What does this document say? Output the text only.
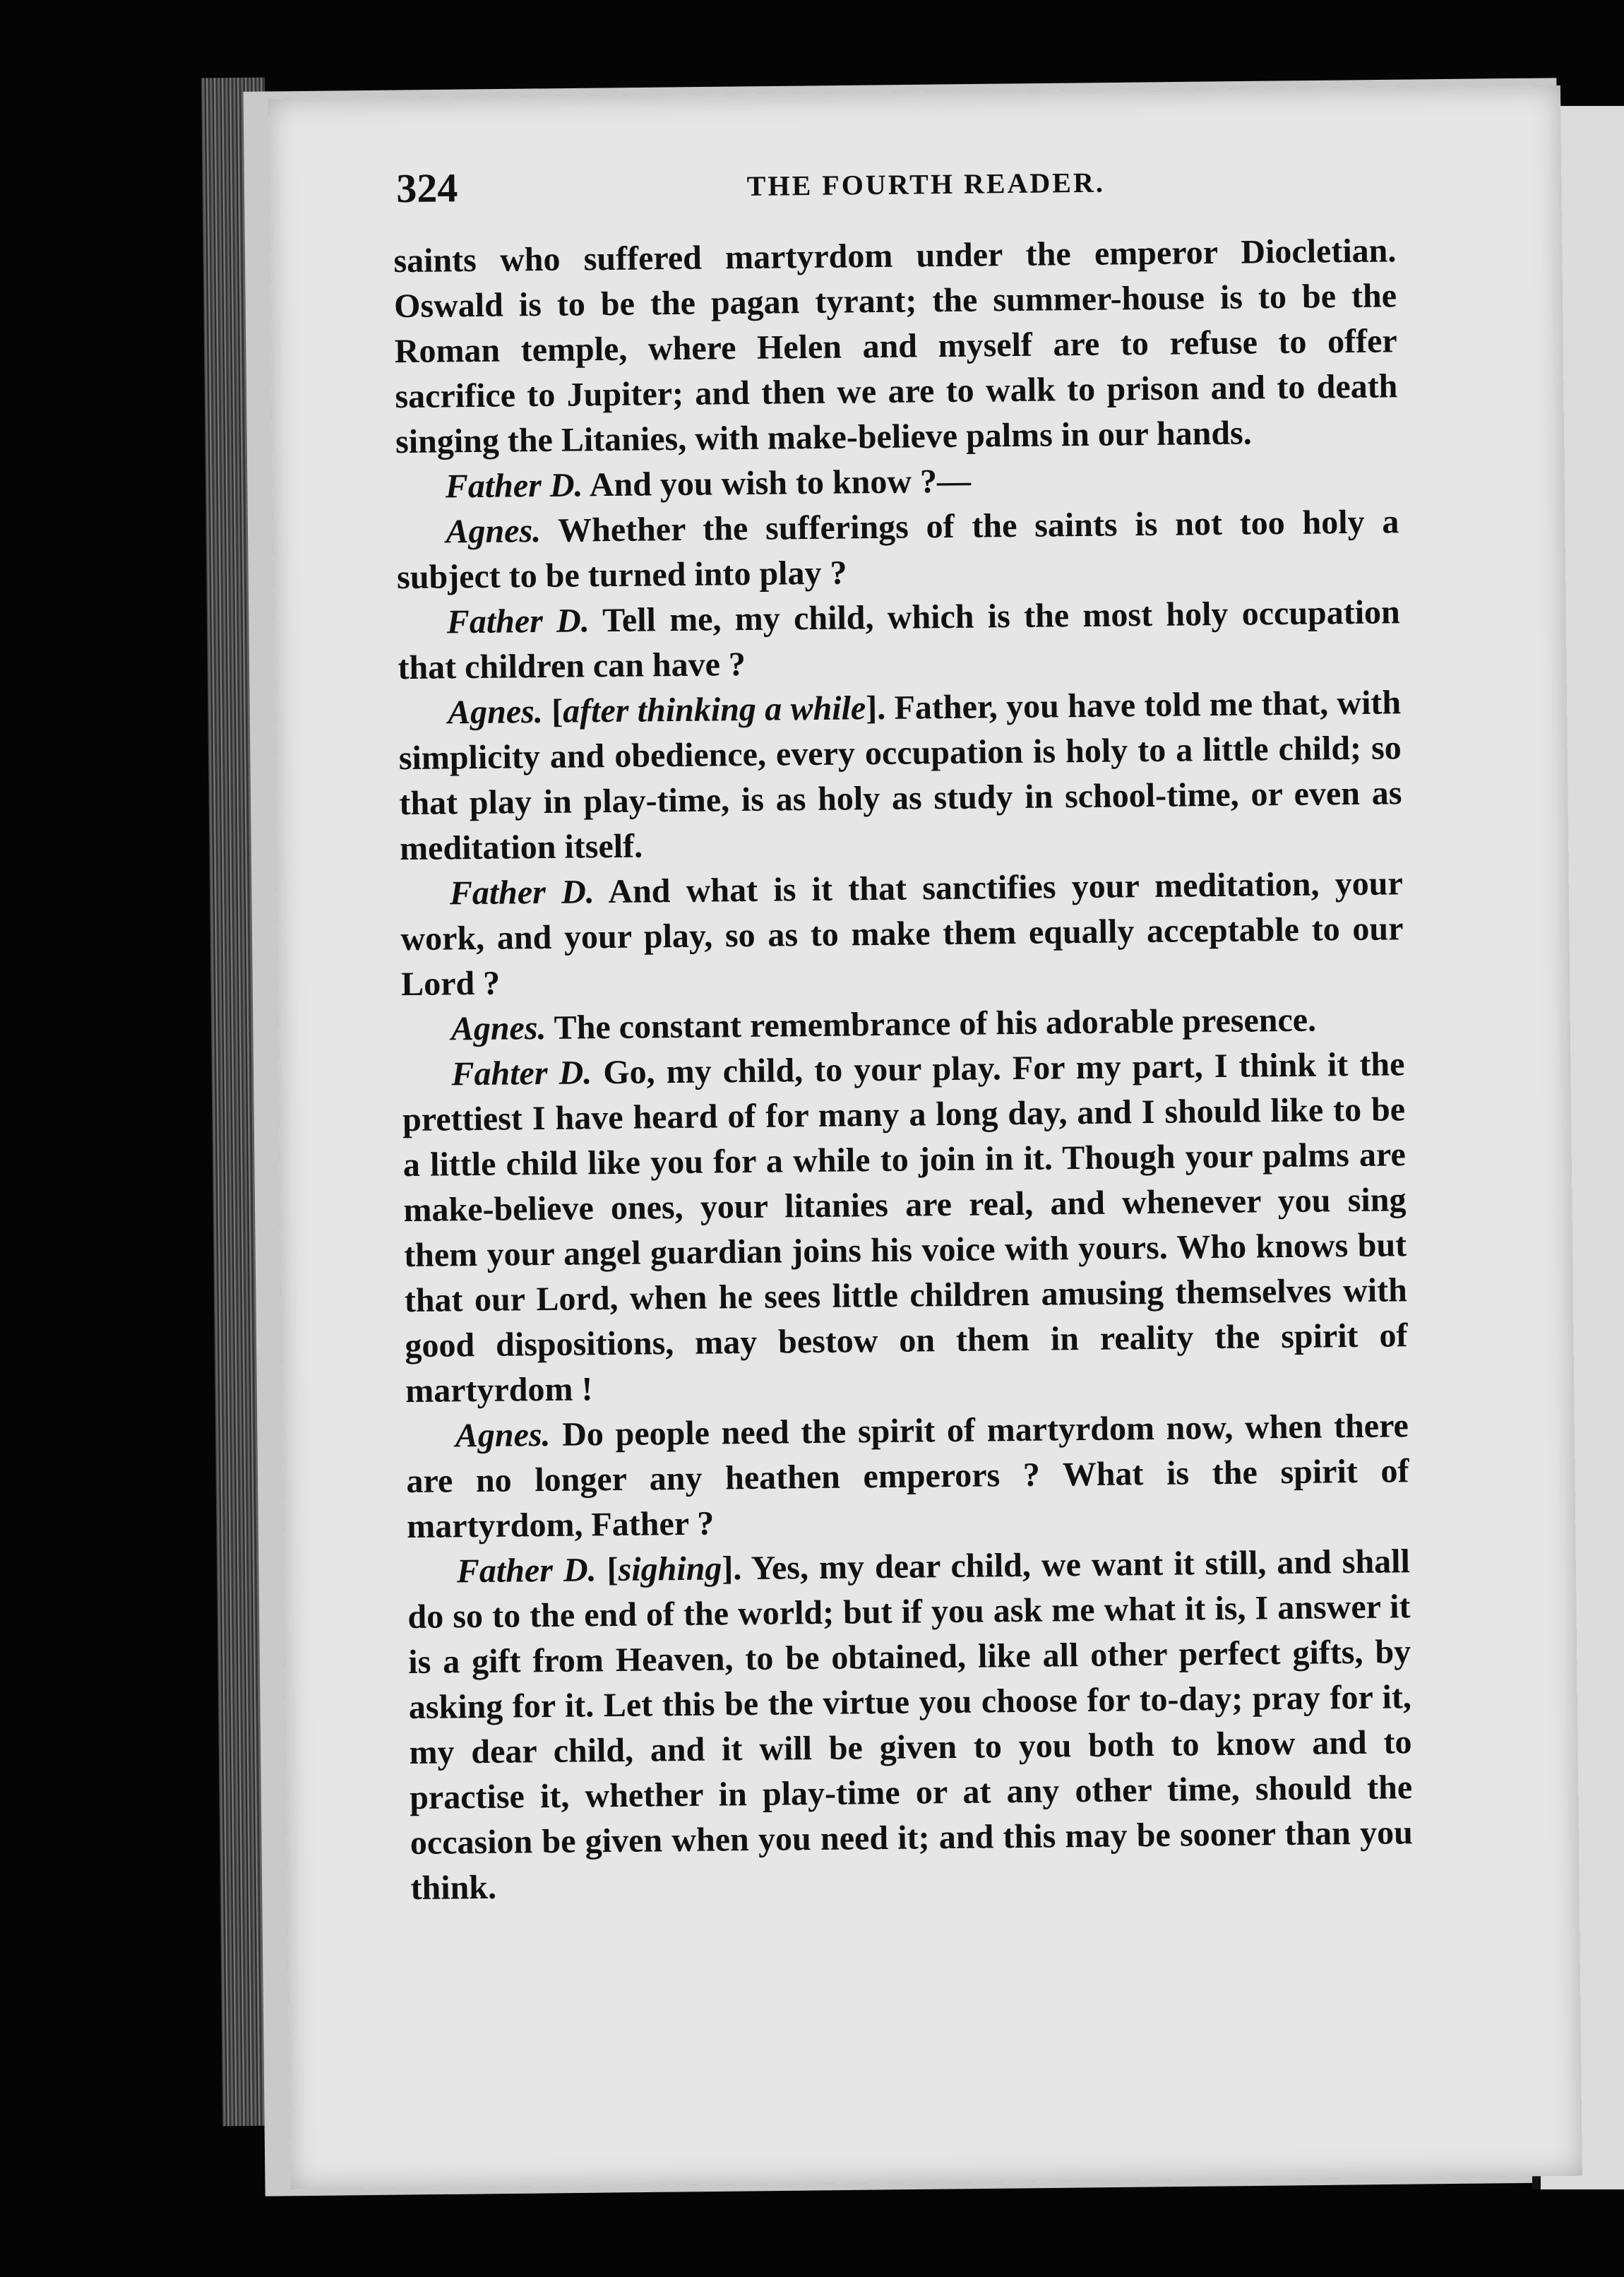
324	THE FOURTH READER.

saints who suffered martyrdom under the emperor Diocletian. Oswald is to be the pagan tyrant; the summer-house is to be the Roman temple, where Helen and myself are to refuse to offer sacrifice to Jupiter; and then we are to walk to prison and to death singing the Litanies, with make-believe palms in our hands.

Father D. And you wish to know ?—

Agnes. Whether the sufferings of the saints is not too holy a subject to be turned into play ?

Father D. Tell me, my child, which is the most holy occupation that children can have ?

Agnes. [after thinking a while]. Father, you have told me that, with simplicity and obedience, every occupation is holy to a little child; so that play in play-time, is as holy as study in school-time, or even as meditation itself.

Father D. And what is it that sanctifies your meditation, your work, and your play, so as to make them equally acceptable to our Lord ?

Agnes. The constant remembrance of his adorable presence.

Fahter D. Go, my child, to your play. For my part, I think it the prettiest I have heard of for many a long day, and I should like to be a little child like you for a while to join in it. Though your palms are make-believe ones, your litanies are real, and whenever you sing them your angel guardian joins his voice with yours. Who knows but that our Lord, when he sees little children amusing themselves with good dispositions, may bestow on them in reality the spirit of martyrdom !

Agnes. Do people need the spirit of martyrdom now, when there are no longer any heathen emperors ? What is the spirit of martyrdom, Father ?

Father D. [sighing]. Yes, my dear child, we want it still, and shall do so to the end of the world; but if you ask me what it is, I answer it is a gift from Heaven, to be obtained, like all other perfect gifts, by asking for it. Let this be the virtue you choose for to-day; pray for it, my dear child, and it will be given to you both to know and to practise it, whether in play-time or at any other time, should the occasion be given when you need it; and this may be sooner than you think.
